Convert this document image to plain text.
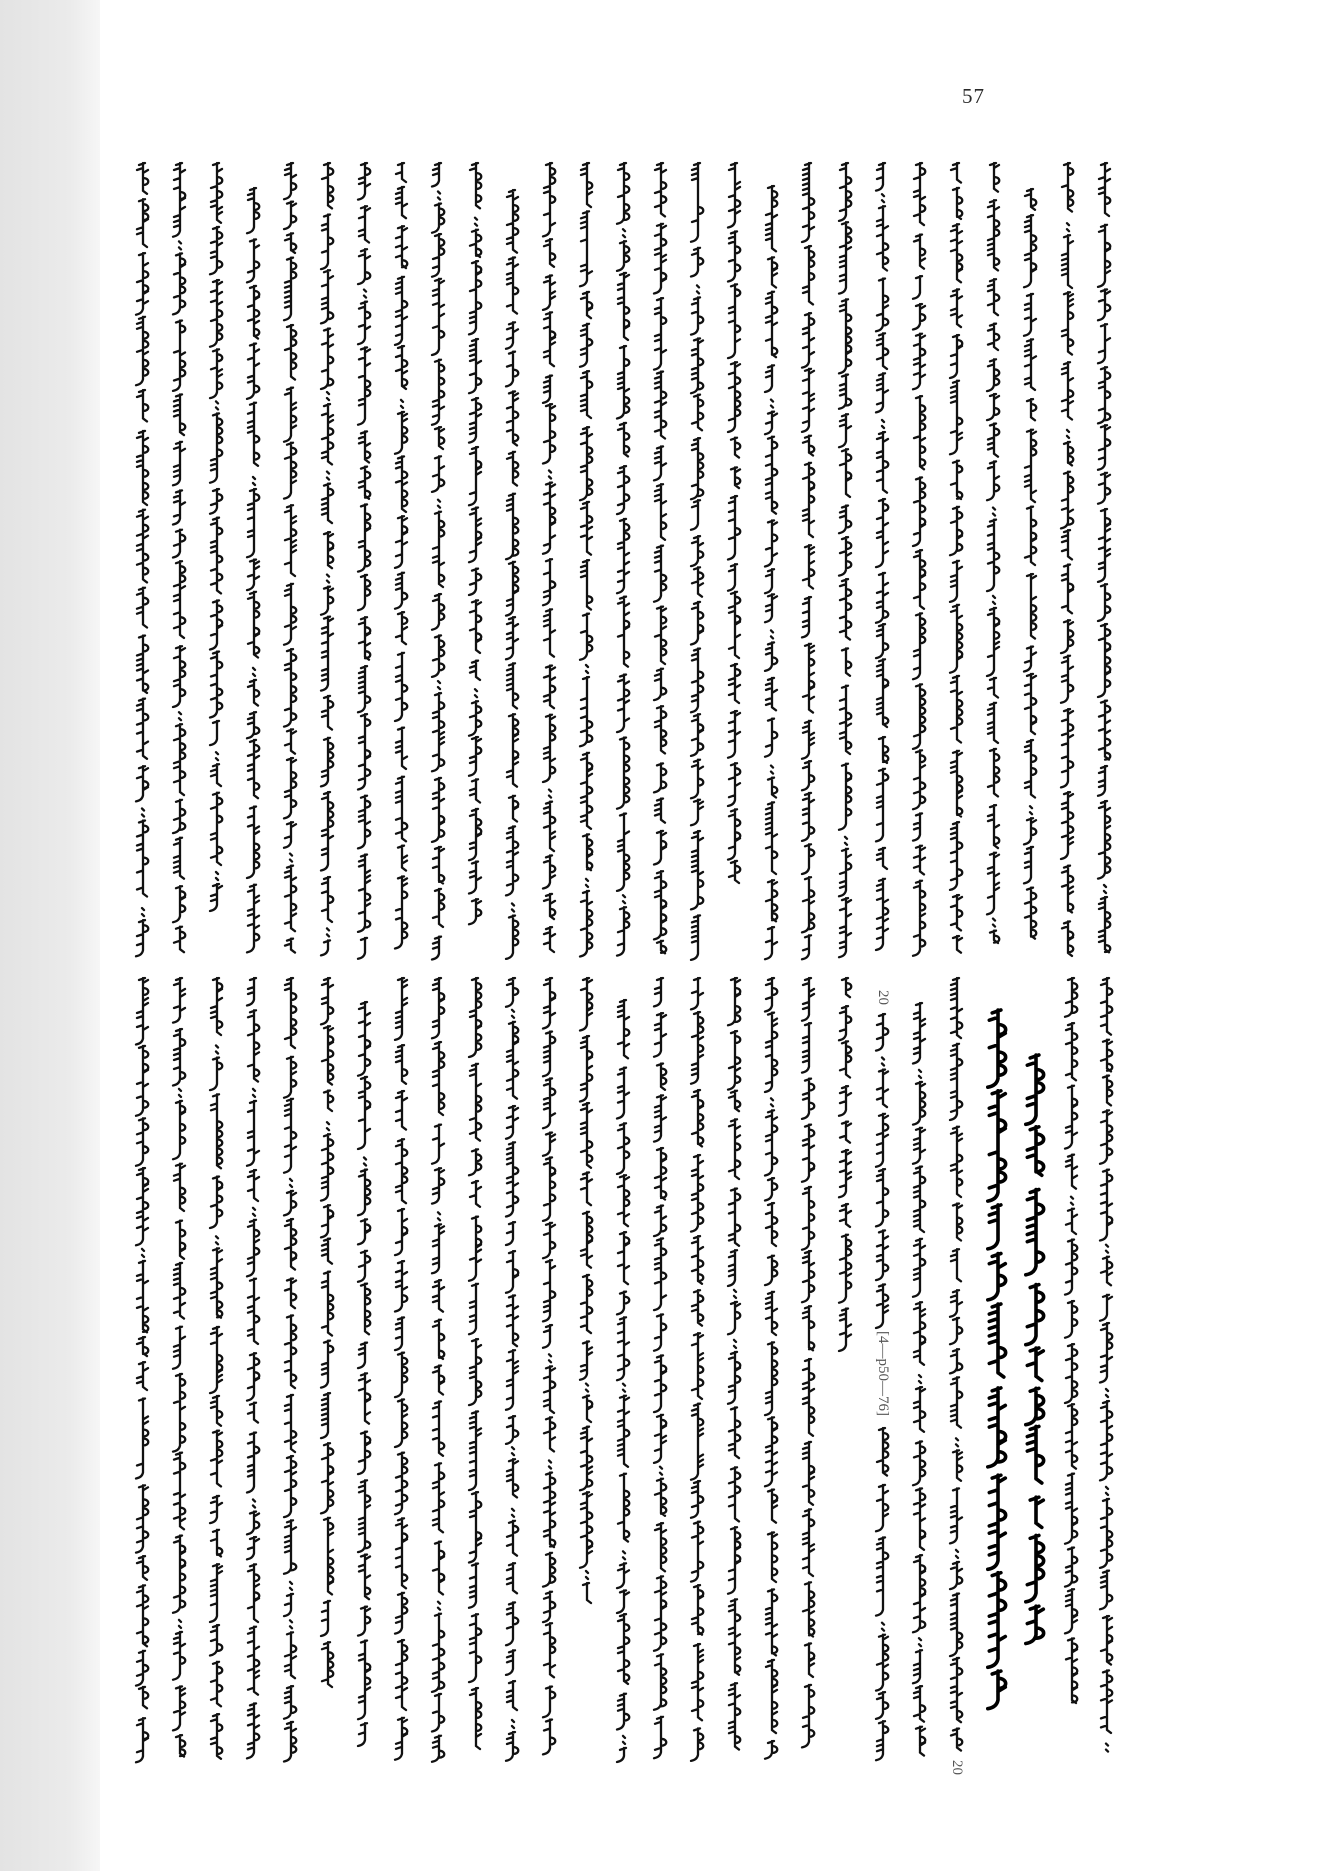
57
20
[4—p50—76]
20
